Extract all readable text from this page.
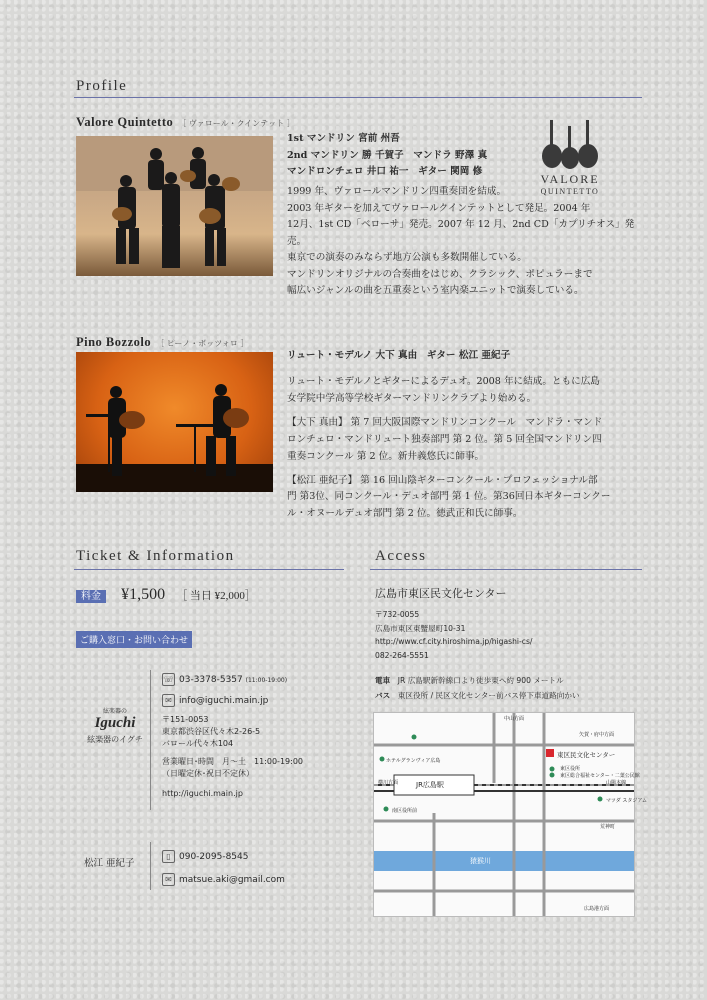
Profile
Valore Quintetto ［ ヴァロール・クインテット ］
1st マンドリン 宮前 州吾
2nd マンドリン 勝 千賀子　 マンドラ 野澤 真
マンドロンチェロ 井口 祐一　 ギター 関岡 修
VALORE
QUINTETTO
1999 年、ヴァロールマンドリン四重奏団を結成。
2003 年ギターを加えてヴァロールクインテットとして発足。2004 年
12月、1st CD「ベローサ」発売。2007 年 12 月、2nd CD「カプリチオス」発売。
東京での演奏のみならず地方公演も多数開催している。
マンドリンオリジナルの合奏曲をはじめ、クラシック、ポピュラーまで
幅広いジャンルの曲を五重奏という室内楽ユニットで演奏している。
Pino Bozzolo ［ ピーノ・ボッツォロ ］
リュート・モデルノ 大下 真由　ギター 松江 亜紀子
リュート・モデルノとギターによるデュオ。2008 年に結成。ともに広島
女学院中学高等学校ギターマンドリンクラブより始める。
【大下 真由】 第 7 回大阪国際マンドリンコンクール　マンドラ・マンド
ロンチェロ・マンドリュート独奏部門 第 2 位。第 5 回全国マンドリン四
重奏コンクール 第 2 位。新井義悠氏に師事。
【松江 亜紀子】 第 16 回山陰ギターコンクール・プロフェッショナル部
門 第3位、同コンクール・デュオ部門 第 1 位。第36回日本ギターコンクー
ル・オヌールデュオ部門 第 2 位。徳武正和氏に師事。
Ticket & Information
料金 ¥1,500 ［ 当日 ¥2,000］
ご購入窓口・お問い合わせ
絃楽器の
Iguchi
絃楽器のイグチ
☏ 03-3378-5357 (11:00-19:00)
✉ info@iguchi.main.jp
〒151-0053
東京都渋谷区代々木2-26-5
バロール代々木104
営業曜日･時間　月〜土　11:00-19:00
（日曜定休･祝日不定休）
http://iguchi.main.jp
松江 亜紀子
▯ 090-2095-8545
✉ matsue.aki@gmail.com
Access
広島市東区民文化センター
〒732-0055
広島市東区東蟹屋町10-31
http://www.cf.city.hiroshima.jp/higashi-cs/
082-264-5551
電車　 JR 広島駅新幹線口より徒歩東へ約 900 メートル
バス　 東区役所 / 民区文化センター前バス停下車道路向かい
JR広島駅
猿猴川
東区民文化センター
中山方面
矢賀・府中方面
東区役所
東区総合福祉センター・二葉公民館
山陽本線
マツダ スタジアム
南区役所前
荒神町
横川方面
ホテルグランヴィア広島
広島港方面
